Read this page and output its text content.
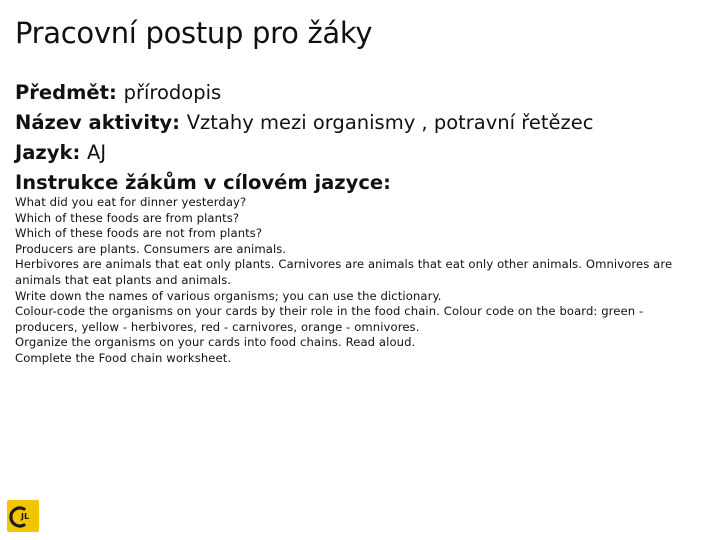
Pracovní postup pro žáky
Předmět: přírodopis
Název aktivity: Vztahy mezi organismy , potravní řetězec
Jazyk: AJ
Instrukce žákům v cílovém jazyce:
What did you eat for dinner yesterday?
Which of these foods are from plants?
Which of these foods are not from plants?
Producers are plants. Consumers are animals.
Herbivores are animals that eat only plants. Carnivores are animals that eat only other animals. Omnivores are animals that eat plants and animals.
Write down the names of various organisms; you can use the dictionary.
Colour-code the organisms on your cards by their role in the food chain. Colour code on the board: green - producers, yellow - herbivores, red - carnivores, orange - omnivores.
Organize the organisms on your cards into food chains. Read aloud.
Complete the Food chain worksheet.
JL
